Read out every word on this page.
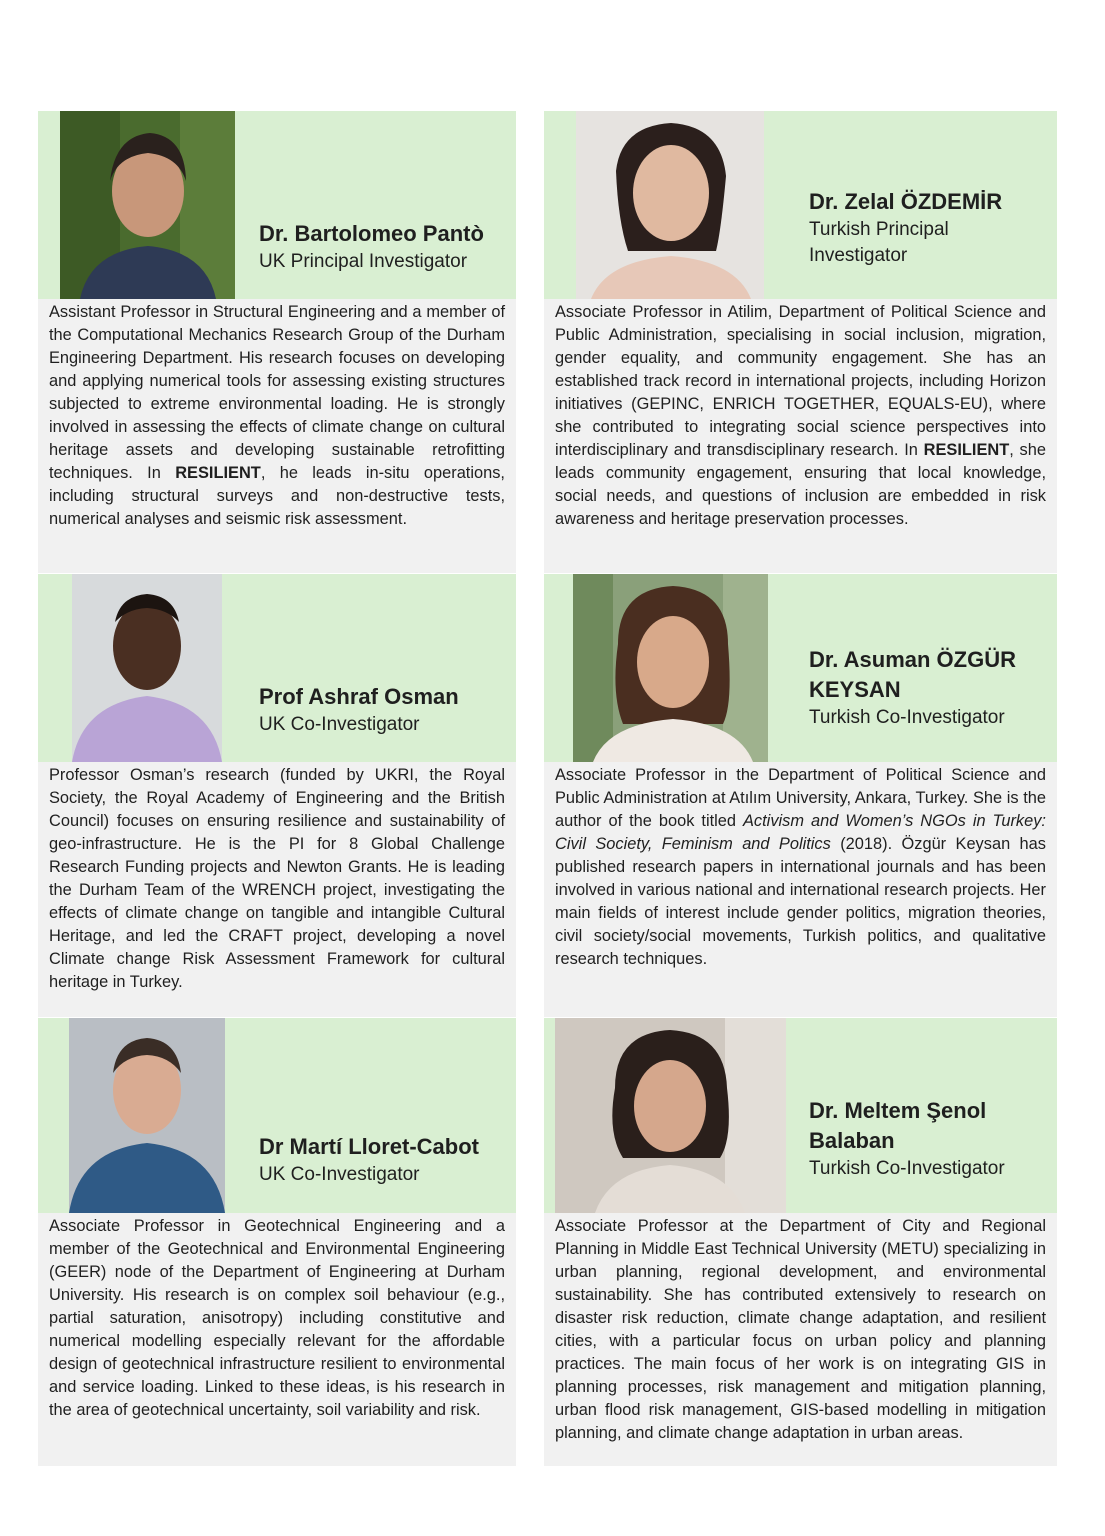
Dr. Bartolomeo Pantò
UK Principal Investigator
Assistant Professor in Structural Engineering and a member of the Computational Mechanics Research Group of the Durham Engineering Department. His research focuses on developing and applying numerical tools for assessing existing structures subjected to extreme environmental loading. He is strongly involved in assessing the effects of climate change on cultural heritage assets and developing sustainable retrofitting techniques. In RESILIENT, he leads in-situ operations, including structural surveys and non-destructive tests, numerical analyses and seismic risk assessment.
Dr. Zelal ÖZDEMİR
Turkish Principal Investigator
Associate Professor in Atilim, Department of Political Science and Public Administration, specialising in social inclusion, migration, gender equality, and community engagement. She has an established track record in international projects, including Horizon initiatives (GEPINC, ENRICH TOGETHER, EQUALS-EU), where she contributed to integrating social science perspectives into interdisciplinary and transdisciplinary research. In RESILIENT, she leads community engagement, ensuring that local knowledge, social needs, and questions of inclusion are embedded in risk awareness and heritage preservation processes.
Prof Ashraf Osman
UK Co-Investigator
Professor Osman’s research (funded by UKRI, the Royal Society, the Royal Academy of Engineering and the British Council) focuses on ensuring resilience and sustainability of geo-infrastructure. He is the PI for 8 Global Challenge Research Funding projects and Newton Grants. He is leading the Durham Team of the WRENCH project, investigating the effects of climate change on tangible and intangible Cultural Heritage, and led the CRAFT project, developing a novel Climate change Risk Assessment Framework for cultural heritage in Turkey.
Dr. Asuman ÖZGÜR KEYSAN
Turkish Co-Investigator
Associate Professor in the Department of Political Science and Public Administration at Atılım University, Ankara, Turkey. She is the author of the book titled Activism and Women’s NGOs in Turkey: Civil Society, Feminism and Politics (2018). Özgür Keysan has published research papers in international journals and has been involved in various national and international research projects. Her main fields of interest include gender politics, migration theories, civil society/social movements, Turkish politics, and qualitative research techniques.
Dr Martí Lloret-Cabot
UK Co-Investigator
Associate Professor in Geotechnical Engineering and a member of the Geotechnical and Environmental Engineering (GEER) node of the Department of Engineering at Durham University. His research is on complex soil behaviour (e.g., partial saturation, anisotropy) including constitutive and numerical modelling especially relevant for the affordable design of geotechnical infrastructure resilient to environmental and service loading. Linked to these ideas, is his research in the area of geotechnical uncertainty, soil variability and risk.
Dr. Meltem Şenol Balaban
Turkish Co-Investigator
Associate Professor at the Department of City and Regional Planning in Middle East Technical University (METU) specializing in urban planning, regional development, and environmental sustainability. She has contributed extensively to research on disaster risk reduction, climate change adaptation, and resilient cities, with a particular focus on urban policy and planning practices. The main focus of her work is on integrating GIS in planning processes, risk management and mitigation planning, urban flood risk management, GIS-based modelling in mitigation planning, and climate change adaptation in urban areas.
